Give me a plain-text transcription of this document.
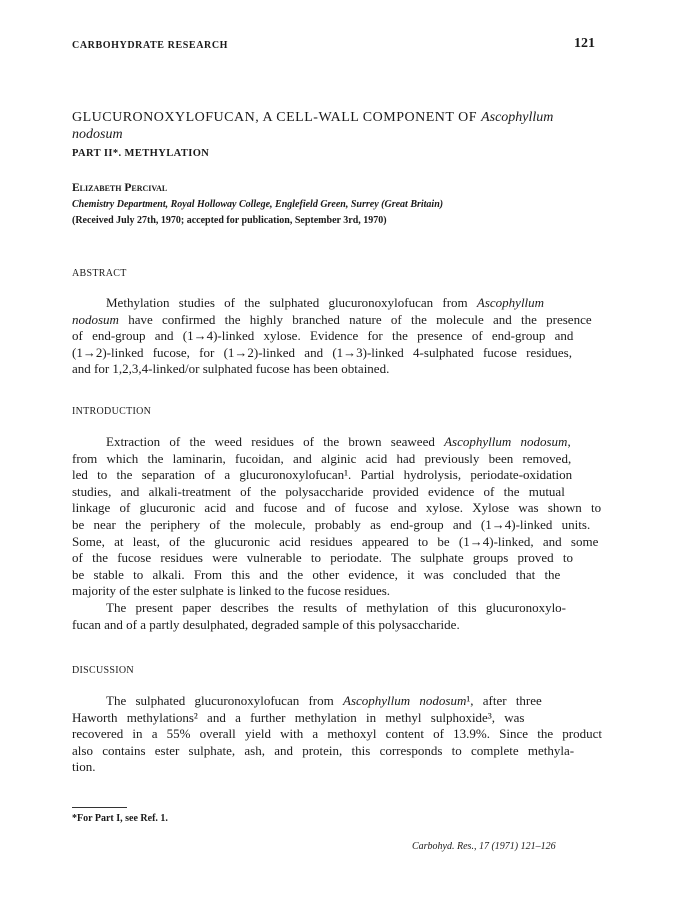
CARBOHYDRATE RESEARCH	121
GLUCURONOXYLOFUCAN, A CELL-WALL COMPONENT OF Ascophyllum
nodosum
PART II*. METHYLATION
Elizabeth Percival
Chemistry Department, Royal Holloway College, Englefield Green, Surrey (Great Britain)
(Received July 27th, 1970; accepted for publication, September 3rd, 1970)
ABSTRACT
Methylation studies of the sulphated glucuronoxylofucan from Ascophyllum
nodosum have confirmed the highly branched nature of the molecule and the presence
of end-group and (1→4)-linked xylose. Evidence for the presence of end-group and
(1→2)-linked fucose, for (1→2)-linked and (1→3)-linked 4-sulphated fucose residues,
and for 1,2,3,4-linked/or sulphated fucose has been obtained.
INTRODUCTION
Extraction of the weed residues of the brown seaweed Ascophyllum nodosum,
from which the laminarin, fucoidan, and alginic acid had previously been removed,
led to the separation of a glucuronoxylofucan¹. Partial hydrolysis, periodate-oxidation
studies, and alkali-treatment of the polysaccharide provided evidence of the mutual
linkage of glucuronic acid and fucose and of fucose and xylose. Xylose was shown to
be near the periphery of the molecule, probably as end-group and (1→4)-linked units.
Some, at least, of the glucuronic acid residues appeared to be (1→4)-linked, and some
of the fucose residues were vulnerable to periodate. The sulphate groups proved to
be stable to alkali. From this and the other evidence, it was concluded that the
majority of the ester sulphate is linked to the fucose residues.
The present paper describes the results of methylation of this glucuronoxylo-
fucan and of a partly desulphated, degraded sample of this polysaccharide.
DISCUSSION
The sulphated glucuronoxylofucan from Ascophyllum nodosum¹, after three
Haworth methylations² and a further methylation in methyl sulphoxide³, was
recovered in a 55% overall yield with a methoxyl content of 13.9%. Since the product
also contains ester sulphate, ash, and protein, this corresponds to complete methyla-
tion.
*For Part I, see Ref. 1.
Carbohyd. Res., 17 (1971) 121–126
